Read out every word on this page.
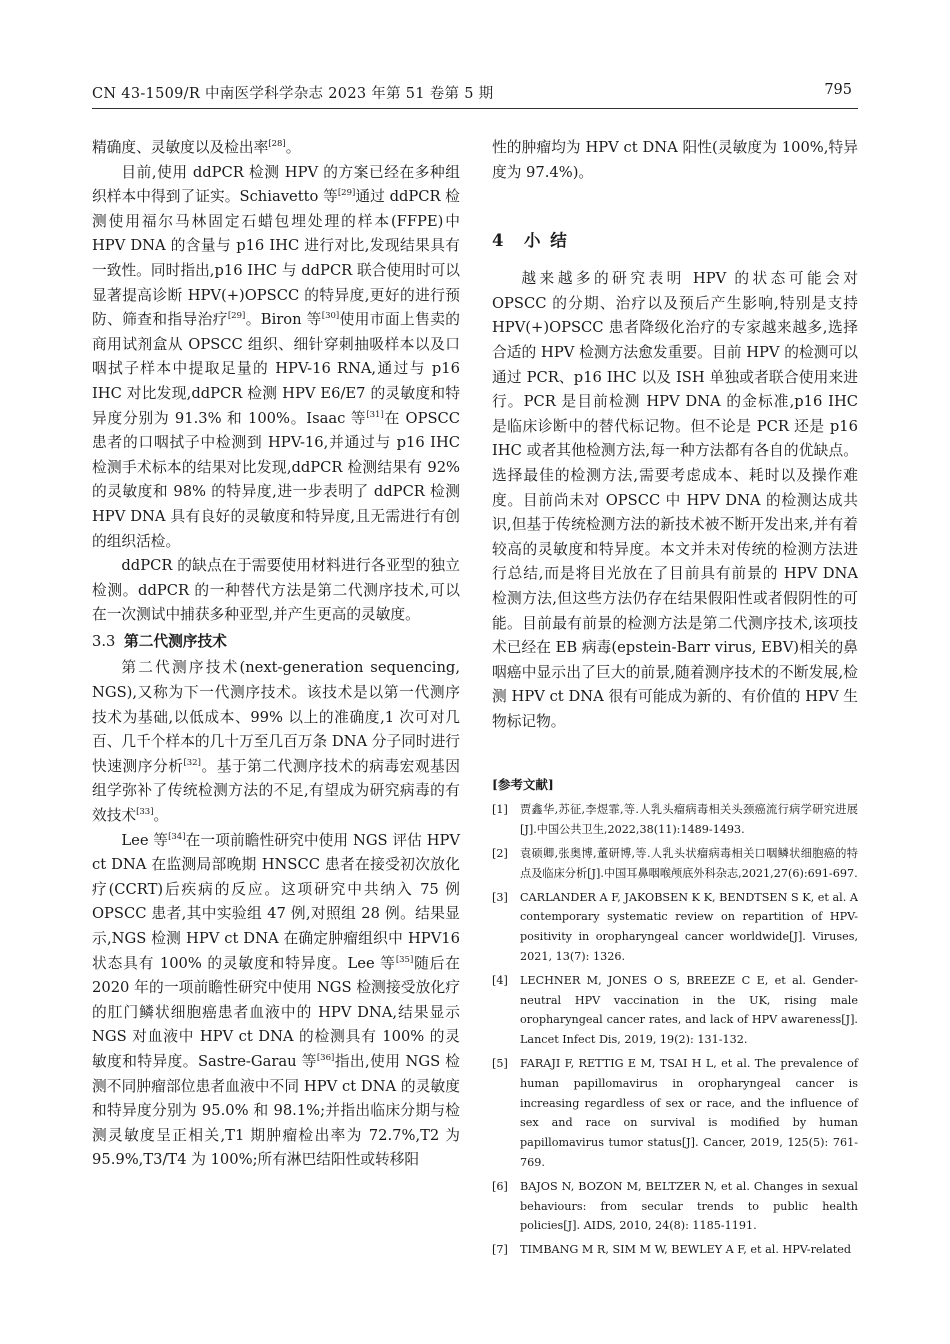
CN 43-1509/R 中南医学科学杂志 2023 年第 51 卷第 5 期	795

精确度、灵敏度以及检出率[28]。

目前,使用 ddPCR 检测 HPV 的方案已经在多种组织样本中得到了证实。Schiavetto 等[29]通过 ddPCR 检测使用福尔马林固定石蜡包埋处理的样本(FFPE)中 HPV DNA 的含量与 p16 IHC 进行对比,发现结果具有一致性。同时指出,p16 IHC 与 ddPCR 联合使用时可以显著提高诊断 HPV(+)OPSCC 的特异度,更好的进行预防、筛查和指导治疗[29]。Biron 等[30]使用市面上售卖的商用试剂盒从 OPSCC 组织、细针穿刺抽吸样本以及口咽拭子样本中提取足量的 HPV-16 RNA,通过与 p16 IHC 对比发现,ddPCR 检测 HPV E6/E7 的灵敏度和特异度分别为 91.3% 和 100%。Isaac 等[31]在 OPSCC 患者的口咽拭子中检测到 HPV-16,并通过与 p16 IHC 检测手术标本的结果对比发现,ddPCR 检测结果有 92% 的灵敏度和 98% 的特异度,进一步表明了 ddPCR 检测 HPV DNA 具有良好的灵敏度和特异度,且无需进行有创的组织活检。

ddPCR 的缺点在于需要使用材料进行各亚型的独立检测。ddPCR 的一种替代方法是第二代测序技术,可以在一次测试中捕获多种亚型,并产生更高的灵敏度。

3.3 第二代测序技术

第二代测序技术(next-generation sequencing, NGS),又称为下一代测序技术。该技术是以第一代测序技术为基础,以低成本、99% 以上的准确度,1 次可对几百、几千个样本的几十万至几百万条 DNA 分子同时进行快速测序分析[32]。基于第二代测序技术的病毒宏观基因组学弥补了传统检测方法的不足,有望成为研究病毒的有效技术[33]。

Lee 等[34]在一项前瞻性研究中使用 NGS 评估 HPV ct DNA 在监测局部晚期 HNSCC 患者在接受初次放化疗(CCRT)后疾病的反应。这项研究中共纳入 75 例 OPSCC 患者,其中实验组 47 例,对照组 28 例。结果显示,NGS 检测 HPV ct DNA 在确定肿瘤组织中 HPV16 状态具有 100% 的灵敏度和特异度。Lee 等[35]随后在 2020 年的一项前瞻性研究中使用 NGS 检测接受放化疗的肛门鳞状细胞癌患者血液中的 HPV DNA,结果显示 NGS 对血液中 HPV ct DNA 的检测具有 100% 的灵敏度和特异度。Sastre-Garau 等[36]指出,使用 NGS 检测不同肿瘤部位患者血液中不同 HPV ct DNA 的灵敏度和特异度分别为 95.0% 和 98.1%;并指出临床分期与检测灵敏度呈正相关,T1 期肿瘤检出率为 72.7%,T2 为 95.9%,T3/T4 为 100%;所有淋巴结阳性或转移阳

性的肿瘤均为 HPV ct DNA 阳性(灵敏度为 100%,特异度为 97.4%)。

4 小 结

越来越多的研究表明 HPV 的状态可能会对 OPSCC 的分期、治疗以及预后产生影响,特别是支持 HPV(+)OPSCC 患者降级化治疗的专家越来越多,选择合适的 HPV 检测方法愈发重要。目前 HPV 的检测可以通过 PCR、p16 IHC 以及 ISH 单独或者联合使用来进行。PCR 是目前检测 HPV DNA 的金标准,p16 IHC 是临床诊断中的替代标记物。但不论是 PCR 还是 p16 IHC 或者其他检测方法,每一种方法都有各自的优缺点。选择最佳的检测方法,需要考虑成本、耗时以及操作难度。目前尚未对 OPSCC 中 HPV DNA 的检测达成共识,但基于传统检测方法的新技术被不断开发出来,并有着较高的灵敏度和特异度。本文并未对传统的检测方法进行总结,而是将目光放在了目前具有前景的 HPV DNA 检测方法,但这些方法仍存在结果假阳性或者假阴性的可能。目前最有前景的检测方法是第二代测序技术,该项技术已经在 EB 病毒(epstein-Barr virus, EBV)相关的鼻咽癌中显示出了巨大的前景,随着测序技术的不断发展,检测 HPV ct DNA 很有可能成为新的、有价值的 HPV 生物标记物。

[参考文献]
[1]	贾鑫华,苏征,李煜霏,等.人乳头瘤病毒相关头颈癌流行病学研究进展[J].中国公共卫生,2022,38(11):1489-1493.
[2]	袁硕卿,张奥博,董研博,等.人乳头状瘤病毒相关口咽鳞状细胞癌的特点及临床分析[J].中国耳鼻咽喉颅底外科杂志,2021,27(6):691-697.
[3]	CARLANDER A F, JAKOBSEN K K, BENDTSEN S K, et al. A contemporary systematic review on repartition of HPV-positivity in oropharyngeal cancer worldwide[J]. Viruses, 2021, 13(7): 1326.
[4]	LECHNER M, JONES O S, BREEZE C E, et al. Gender-neutral HPV vaccination in the UK, rising male oropharyngeal cancer rates, and lack of HPV awareness[J]. Lancet Infect Dis, 2019, 19(2): 131-132.
[5]	FARAJI F, RETTIG E M, TSAI H L, et al. The prevalence of human papillomavirus in oropharyngeal cancer is increasing regardless of sex or race, and the influence of sex and race on survival is modified by human papillomavirus tumor status[J]. Cancer, 2019, 125(5): 761-769.
[6]	BAJOS N, BOZON M, BELTZER N, et al. Changes in sexual behaviours: from secular trends to public health policies[J]. AIDS, 2010, 24(8): 1185-1191.
[7]	TIMBANG M R, SIM M W, BEWLEY A F, et al. HPV-related
